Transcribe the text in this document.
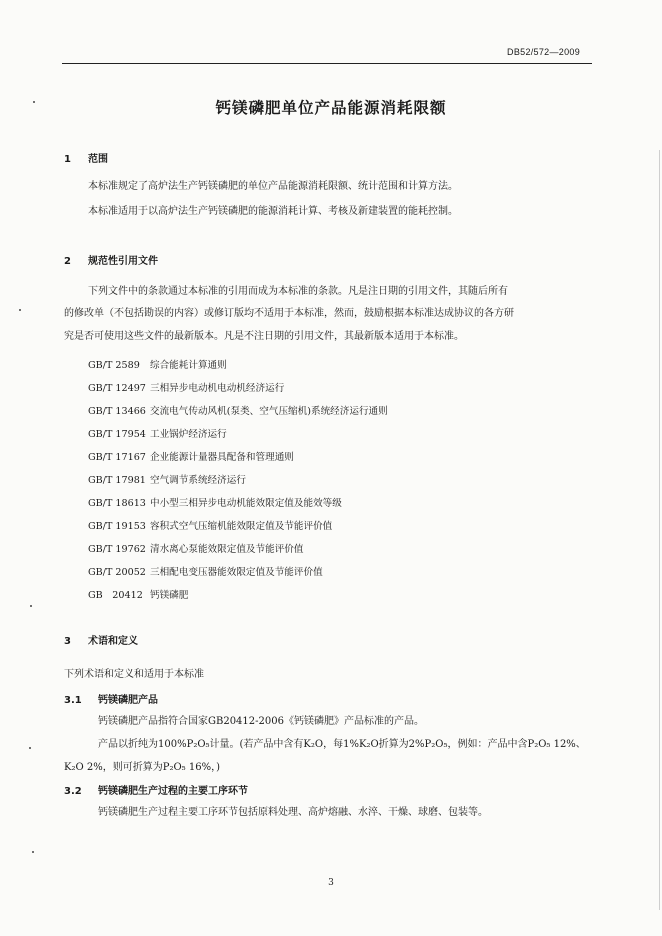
DB52/572—2009
钙镁磷肥单位产品能源消耗限额
1 范围
本标准规定了高炉法生产钙镁磷肥的单位产品能源消耗限额、统计范围和计算方法。
本标准适用于以高炉法生产钙镁磷肥的能源消耗计算、考核及新建装置的能耗控制。
2 规范性引用文件
下列文件中的条款通过本标准的引用而成为本标准的条款。凡是注日期的引用文件，其随后所有
的修改单（不包括勘误的内容）或修订版均不适用于本标准，然而，鼓励根据本标准达成协议的各方研
究是否可使用这些文件的最新版本。凡是不注日期的引用文件，其最新版本适用于本标准。
GB/T 2589 综合能耗计算通则
GB/T 12497 三相异步电动机电动机经济运行
GB/T 13466 交流电气传动风机(泵类、空气压缩机)系统经济运行通则
GB/T 17954 工业锅炉经济运行
GB/T 17167 企业能源计量器具配备和管理通则
GB/T 17981 空气调节系统经济运行
GB/T 18613 中小型三相异步电动机能效限定值及能效等级
GB/T 19153 容积式空气压缩机能效限定值及节能评价值
GB/T 19762 清水离心泵能效限定值及节能评价值
GB/T 20052 三相配电变压器能效限定值及节能评价值
GB　20412 钙镁磷肥
3 术语和定义
下列术语和定义和适用于本标准
3.1 钙镁磷肥产品
钙镁磷肥产品指符合国家GB20412-2006《钙镁磷肥》产品标准的产品。
产品以折纯为100%P₂O₅计量。(若产品中含有K₂O，每1%K₂O折算为2%P₂O₅，例如：产品中含P₂O₅ 12%、
K₂O 2%，则可折算为P₂O₅ 16%，)
3.2 钙镁磷肥生产过程的主要工序环节
钙镁磷肥生产过程主要工序环节包括原料处理、高炉熔融、水淬、干燥、球磨、包装等。
3
